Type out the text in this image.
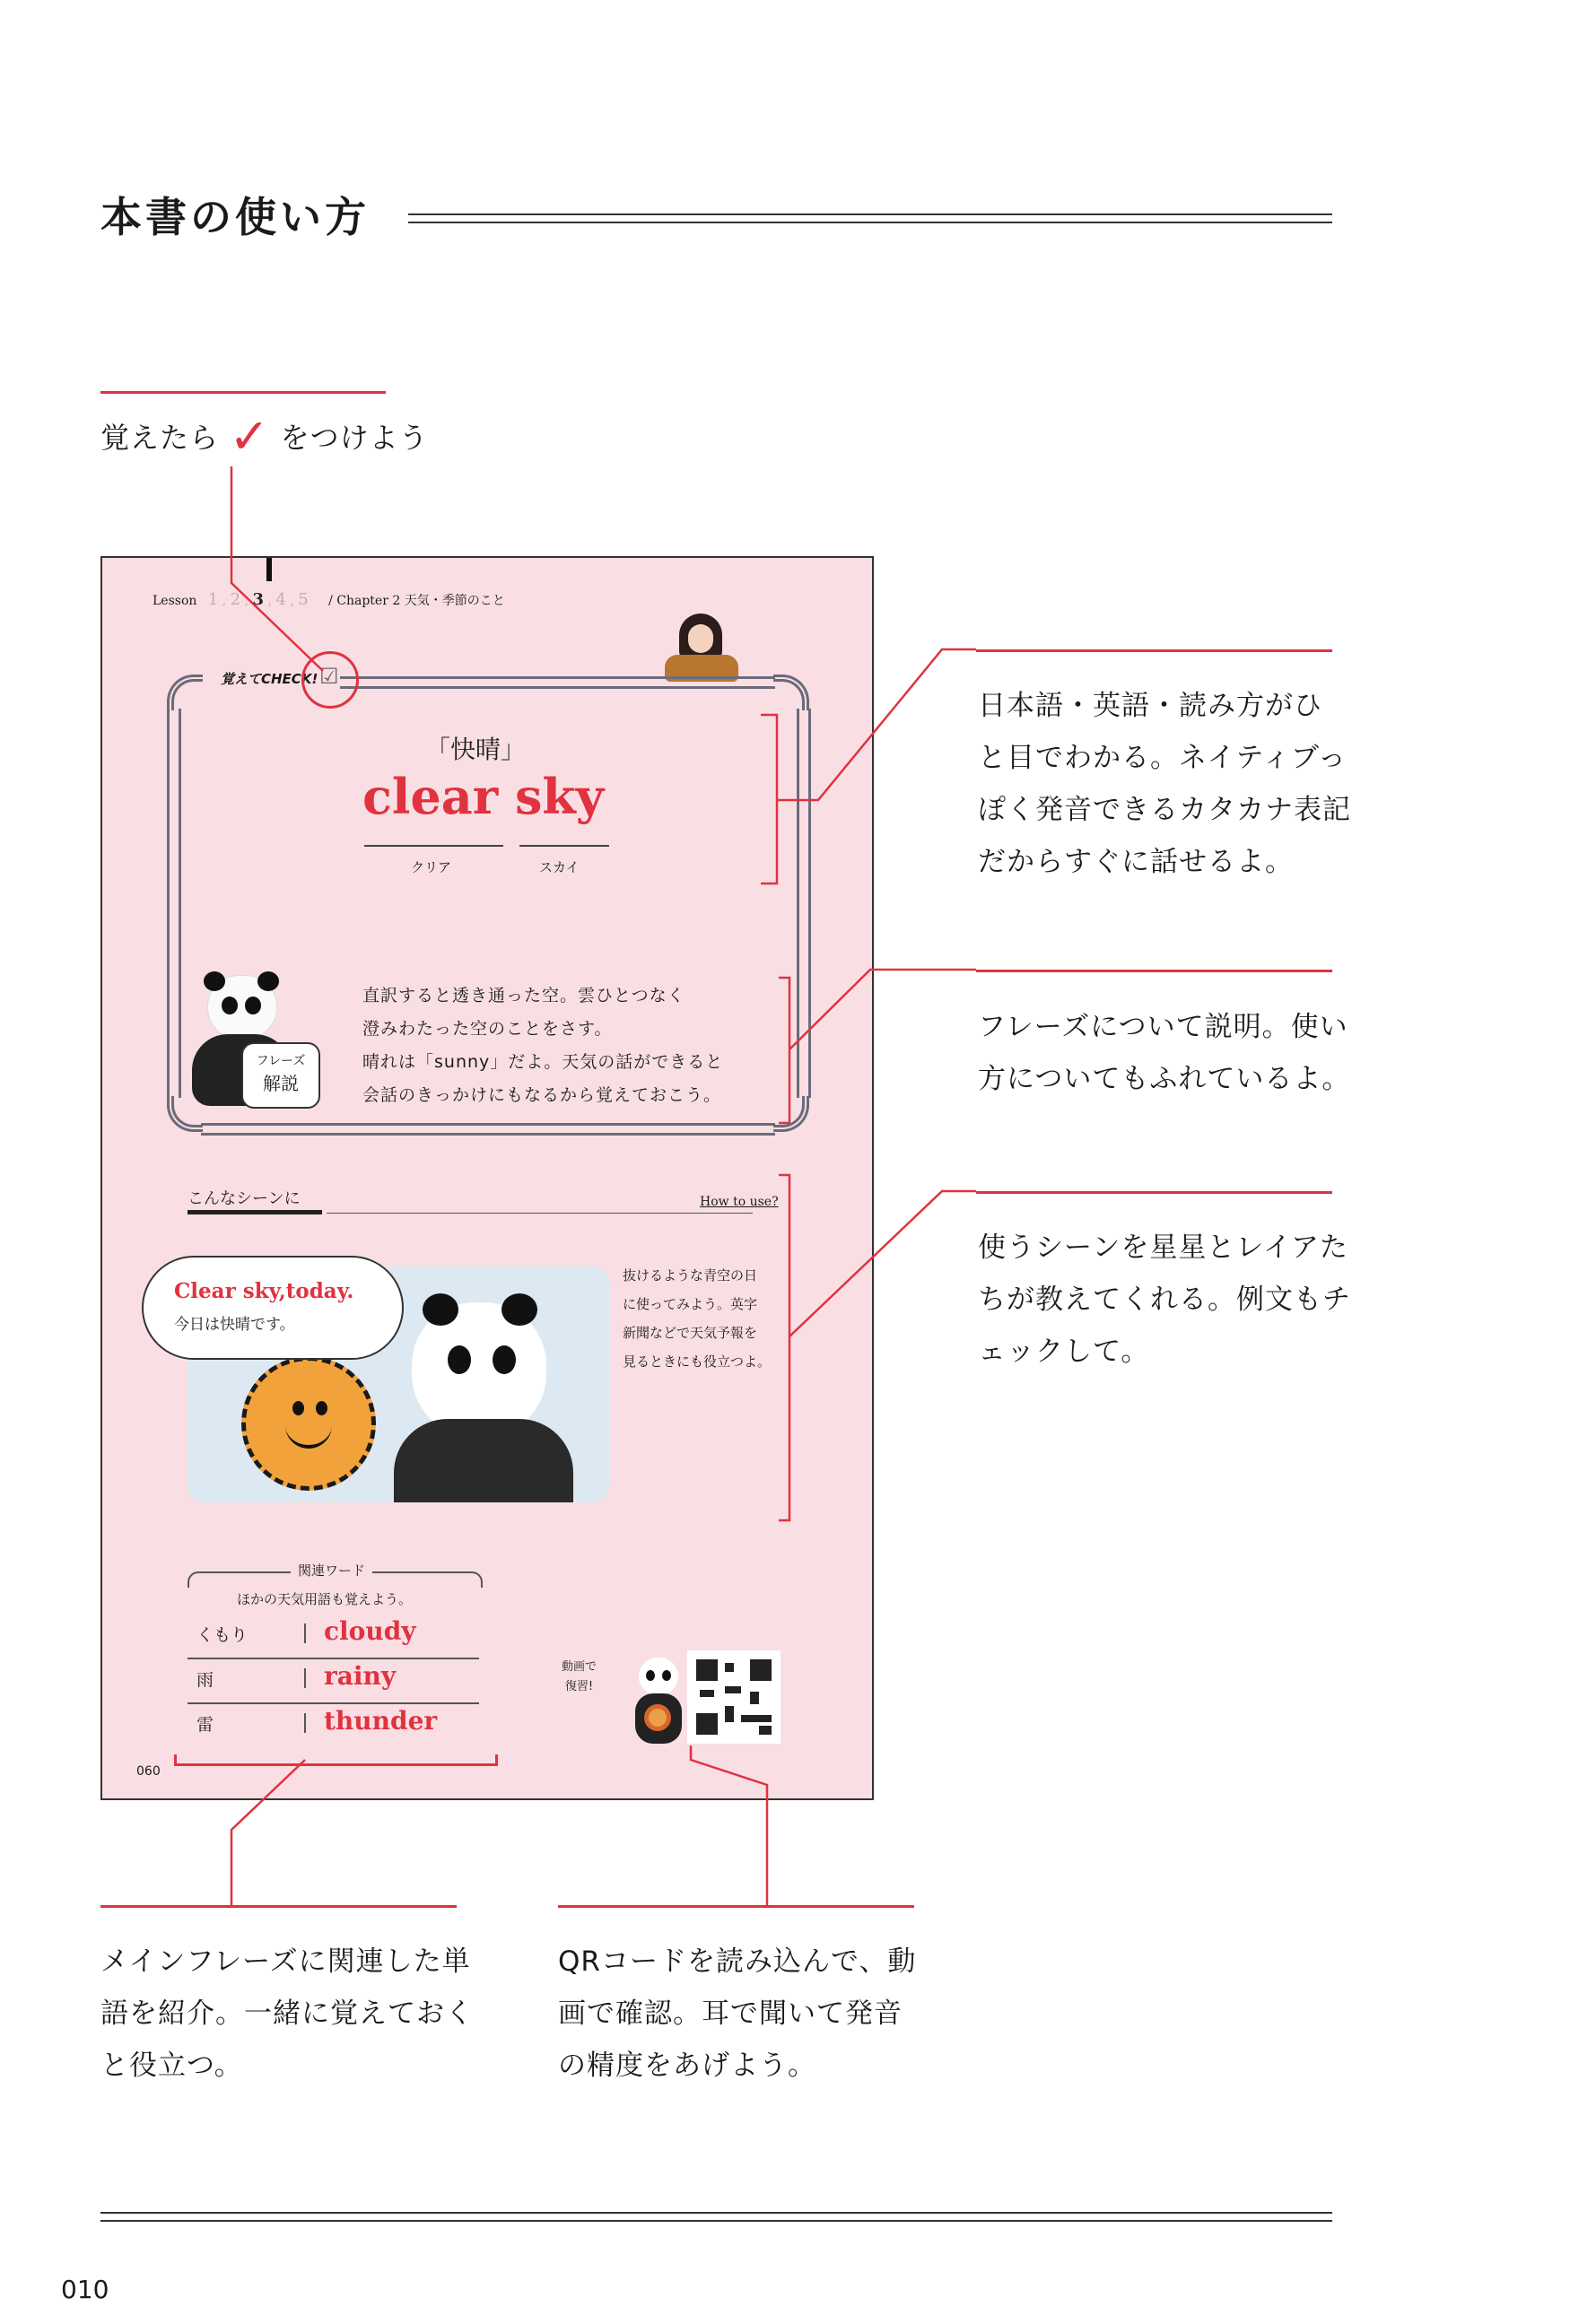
本書の使い方
覚えたら ✓ をつけよう
日本語・英語・読み方がひ
と目でわかる。ネイティブっ
ぽく発音できるカタカナ表記
だからすぐに話せるよ。
フレーズについて説明。使い
方についてもふれているよ。
使うシーンを星星とレイアた
ちが教えてくれる。例文もチ
ェックして。
メインフレーズに関連した単
語を紹介。一緒に覚えておく
と役立つ。
QRコードを読み込んで、動
画で確認。耳で聞いて発音
の精度をあげよう。
Lesson 1 , 2 , 3 , 4 , 5 / Chapter 2 天気・季節のこと
覚えてCHECK! ☑
「快晴」
clear sky
クリア	スカイ
フレーズ
解説
直訳すると透き通った空。雲ひとつなく
澄みわたった空のことをさす。
晴れは「sunny」だよ。天気の話ができると
会話のきっかけにもなるから覚えておこう。
こんなシーンに	How to use?
Clear sky,today.
今日は快晴です。
抜けるような青空の日
に使ってみよう。英字
新聞などで天気予報を
見るときにも役立つよ。
関連ワード
ほかの天気用語も覚えよう。
くもり	cloudy
雨	rainy
雷	thunder
動画で
復習!
060
010
